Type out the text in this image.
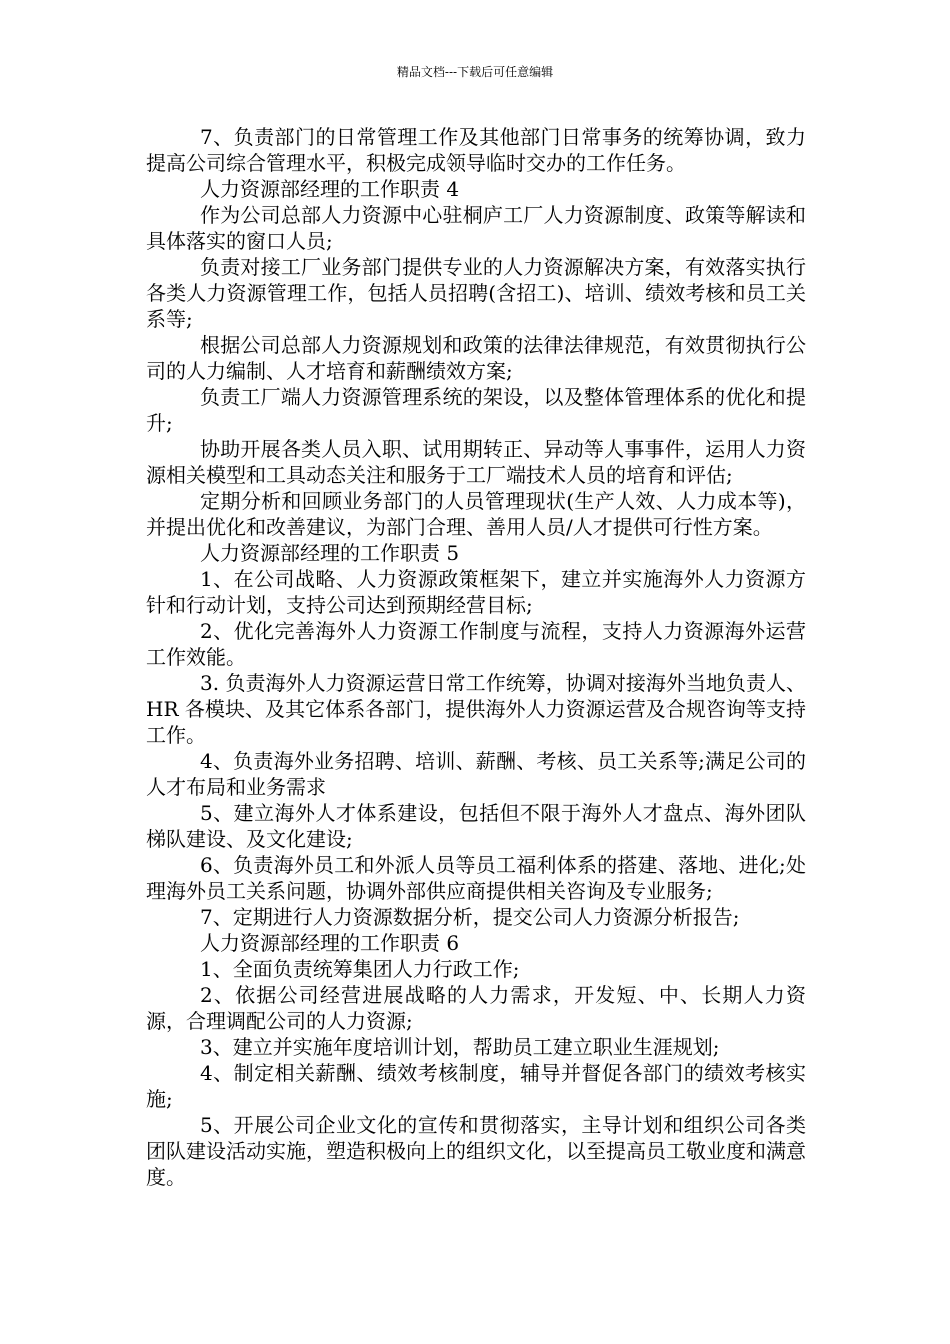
精品文档---下载后可任意编辑

7、负责部门的日常管理工作及其他部门日常事务的统筹协调，致力提高公司综合管理水平，积极完成领导临时交办的工作任务。

人力资源部经理的工作职责 4

作为公司总部人力资源中心驻桐庐工厂人力资源制度、政策等解读和具体落实的窗口人员;

负责对接工厂业务部门提供专业的人力资源解决方案，有效落实执行各类人力资源管理工作，包括人员招聘(含招工)、培训、绩效考核和员工关系等;

根据公司总部人力资源规划和政策的法律法律规范，有效贯彻执行公司的人力编制、人才培育和薪酬绩效方案;

负责工厂端人力资源管理系统的架设，以及整体管理体系的优化和提升;

协助开展各类人员入职、试用期转正、异动等人事事件，运用人力资源相关模型和工具动态关注和服务于工厂端技术人员的培育和评估;

定期分析和回顾业务部门的人员管理现状(生产人效、人力成本等)，并提出优化和改善建议，为部门合理、善用人员/人才提供可行性方案。

人力资源部经理的工作职责 5

1、在公司战略、人力资源政策框架下，建立并实施海外人力资源方针和行动计划，支持公司达到预期经营目标;

2、优化完善海外人力资源工作制度与流程，支持人力资源海外运营工作效能。

3. 负责海外人力资源运营日常工作统筹，协调对接海外当地负责人、HR 各模块、及其它体系各部门，提供海外人力资源运营及合规咨询等支持工作。

4、负责海外业务招聘、培训、薪酬、考核、员工关系等;满足公司的人才布局和业务需求

5、建立海外人才体系建设，包括但不限于海外人才盘点、海外团队梯队建设、及文化建设;

6、负责海外员工和外派人员等员工福利体系的搭建、落地、进化;处理海外员工关系问题，协调外部供应商提供相关咨询及专业服务;

7、定期进行人力资源数据分析，提交公司人力资源分析报告;

人力资源部经理的工作职责 6

1、全面负责统筹集团人力行政工作;

2、依据公司经营进展战略的人力需求，开发短、中、长期人力资源，合理调配公司的人力资源;

3、建立并实施年度培训计划，帮助员工建立职业生涯规划;

4、制定相关薪酬、绩效考核制度，辅导并督促各部门的绩效考核实施;

5、开展公司企业文化的宣传和贯彻落实，主导计划和组织公司各类团队建设活动实施，塑造积极向上的组织文化，以至提高员工敬业度和满意度。
